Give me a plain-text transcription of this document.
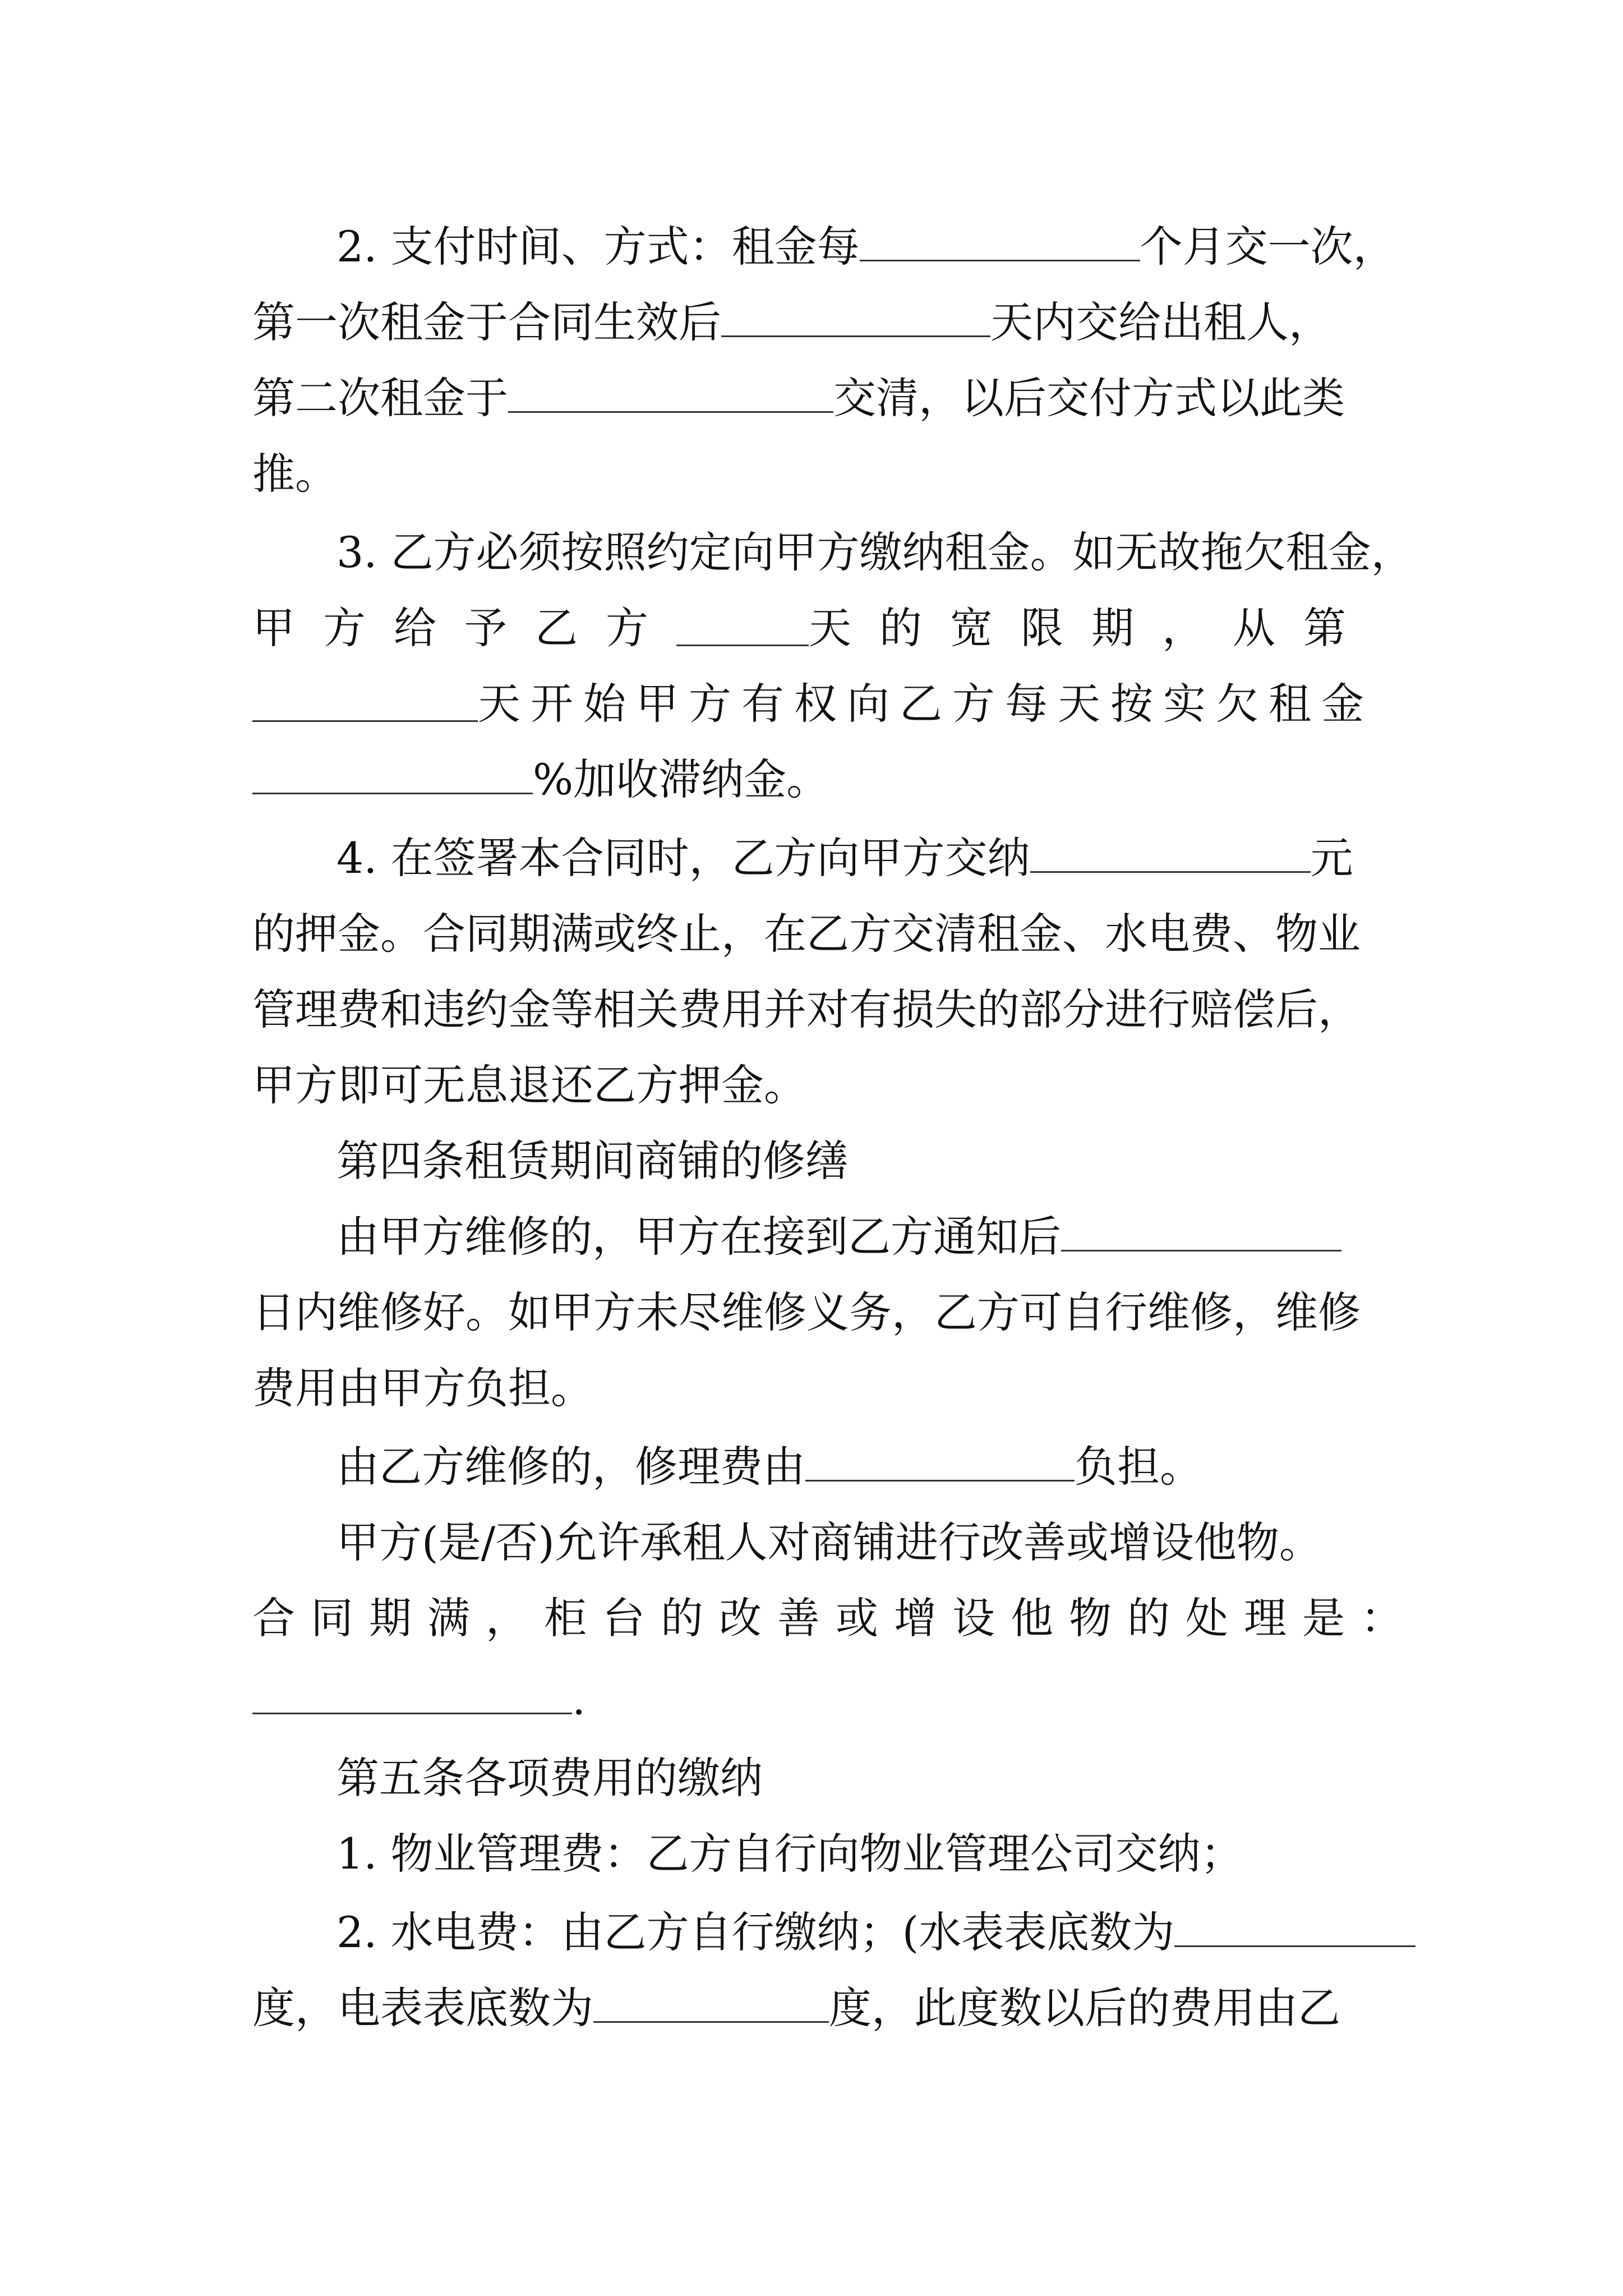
2. 支付时间、方式：租金每	个月交一次，
第一次租金于合同生效后	天内交给出租人，
第二次租金于	交清，以后交付方式以此类
推。
3. 乙方必须按照约定向甲方缴纳租金。如无故拖欠租金，
甲方给予乙方	天的宽限期，从第
天开始甲方有权向乙方每天按实欠租金
%加收滞纳金。
4. 在签署本合同时，乙方向甲方交纳	元
的押金。合同期满或终止，在乙方交清租金、水电费、物业
管理费和违约金等相关费用并对有损失的部分进行赔偿后，
甲方即可无息退还乙方押金。
第四条租赁期间商铺的修缮
由甲方维修的，甲方在接到乙方通知后
日内维修好。如甲方未尽维修义务，乙方可自行维修，维修
费用由甲方负担。
由乙方维修的，修理费由	负担。
甲方(是/否)允许承租人对商铺进行改善或增设他物。
合同期满，柜台的改善或增设他物的处理是：
.
第五条各项费用的缴纳
1. 物业管理费：乙方自行向物业管理公司交纳；
2. 水电费：由乙方自行缴纳；(水表表底数为
度，电表表底数为	度，此度数以后的费用由乙
